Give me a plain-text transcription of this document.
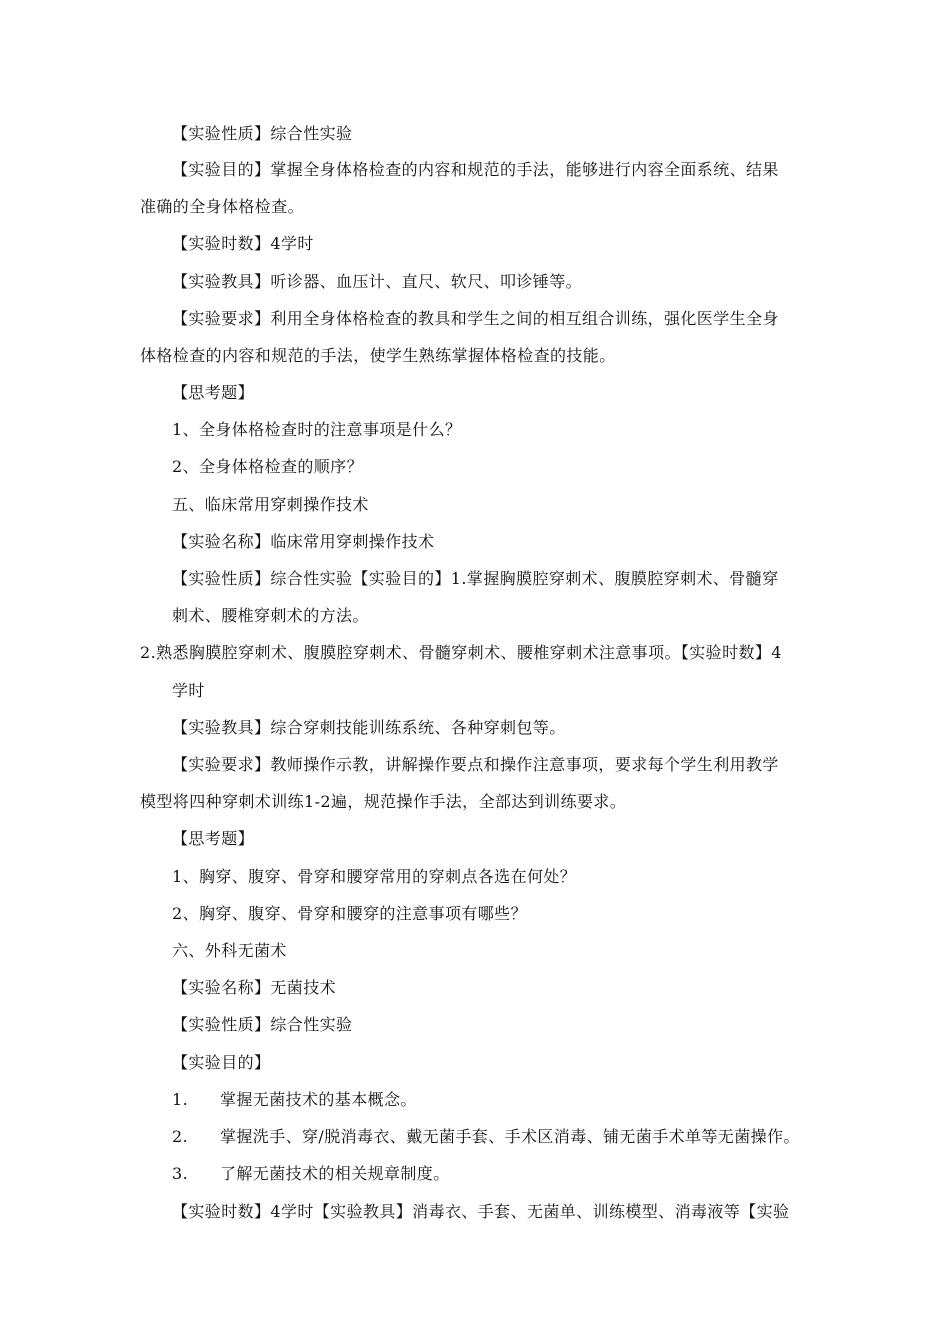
【实验性质】综合性实验
【实验目的】掌握全身体格检查的内容和规范的手法，能够进行内容全面系统、结果
准确的全身体格检查。
【实验时数】4学时
【实验教具】听诊器、血压计、直尺、软尺、叩诊锤等。
【实验要求】利用全身体格检查的教具和学生之间的相互组合训练，强化医学生全身
体格检查的内容和规范的手法，使学生熟练掌握体格检查的技能。
【思考题】
1、全身体格检查时的注意事项是什么？
2、全身体格检查的顺序？
五、临床常用穿刺操作技术
【实验名称】临床常用穿刺操作技术
【实验性质】综合性实验【实验目的】1.掌握胸膜腔穿刺术、腹膜腔穿刺术、骨髓穿
刺术、腰椎穿刺术的方法。
2.熟悉胸膜腔穿刺术、腹膜腔穿刺术、骨髓穿刺术、腰椎穿刺术注意事项。【实验时数】4
学时
【实验教具】综合穿刺技能训练系统、各种穿刺包等。
【实验要求】教师操作示教，讲解操作要点和操作注意事项，要求每个学生利用教学
模型将四种穿刺术训练1-2遍，规范操作手法，全部达到训练要求。
【思考题】
1、胸穿、腹穿、骨穿和腰穿常用的穿刺点各选在何处？
2、胸穿、腹穿、骨穿和腰穿的注意事项有哪些？
六、外科无菌术
【实验名称】无菌技术
【实验性质】综合性实验
【实验目的】
1. 掌握无菌技术的基本概念。
2. 掌握洗手、穿/脱消毒衣、戴无菌手套、手术区消毒、铺无菌手术单等无菌操作。
3. 了解无菌技术的相关规章制度。
【实验时数】4学时【实验教具】消毒衣、手套、无菌单、训练模型、消毒液等【实验
